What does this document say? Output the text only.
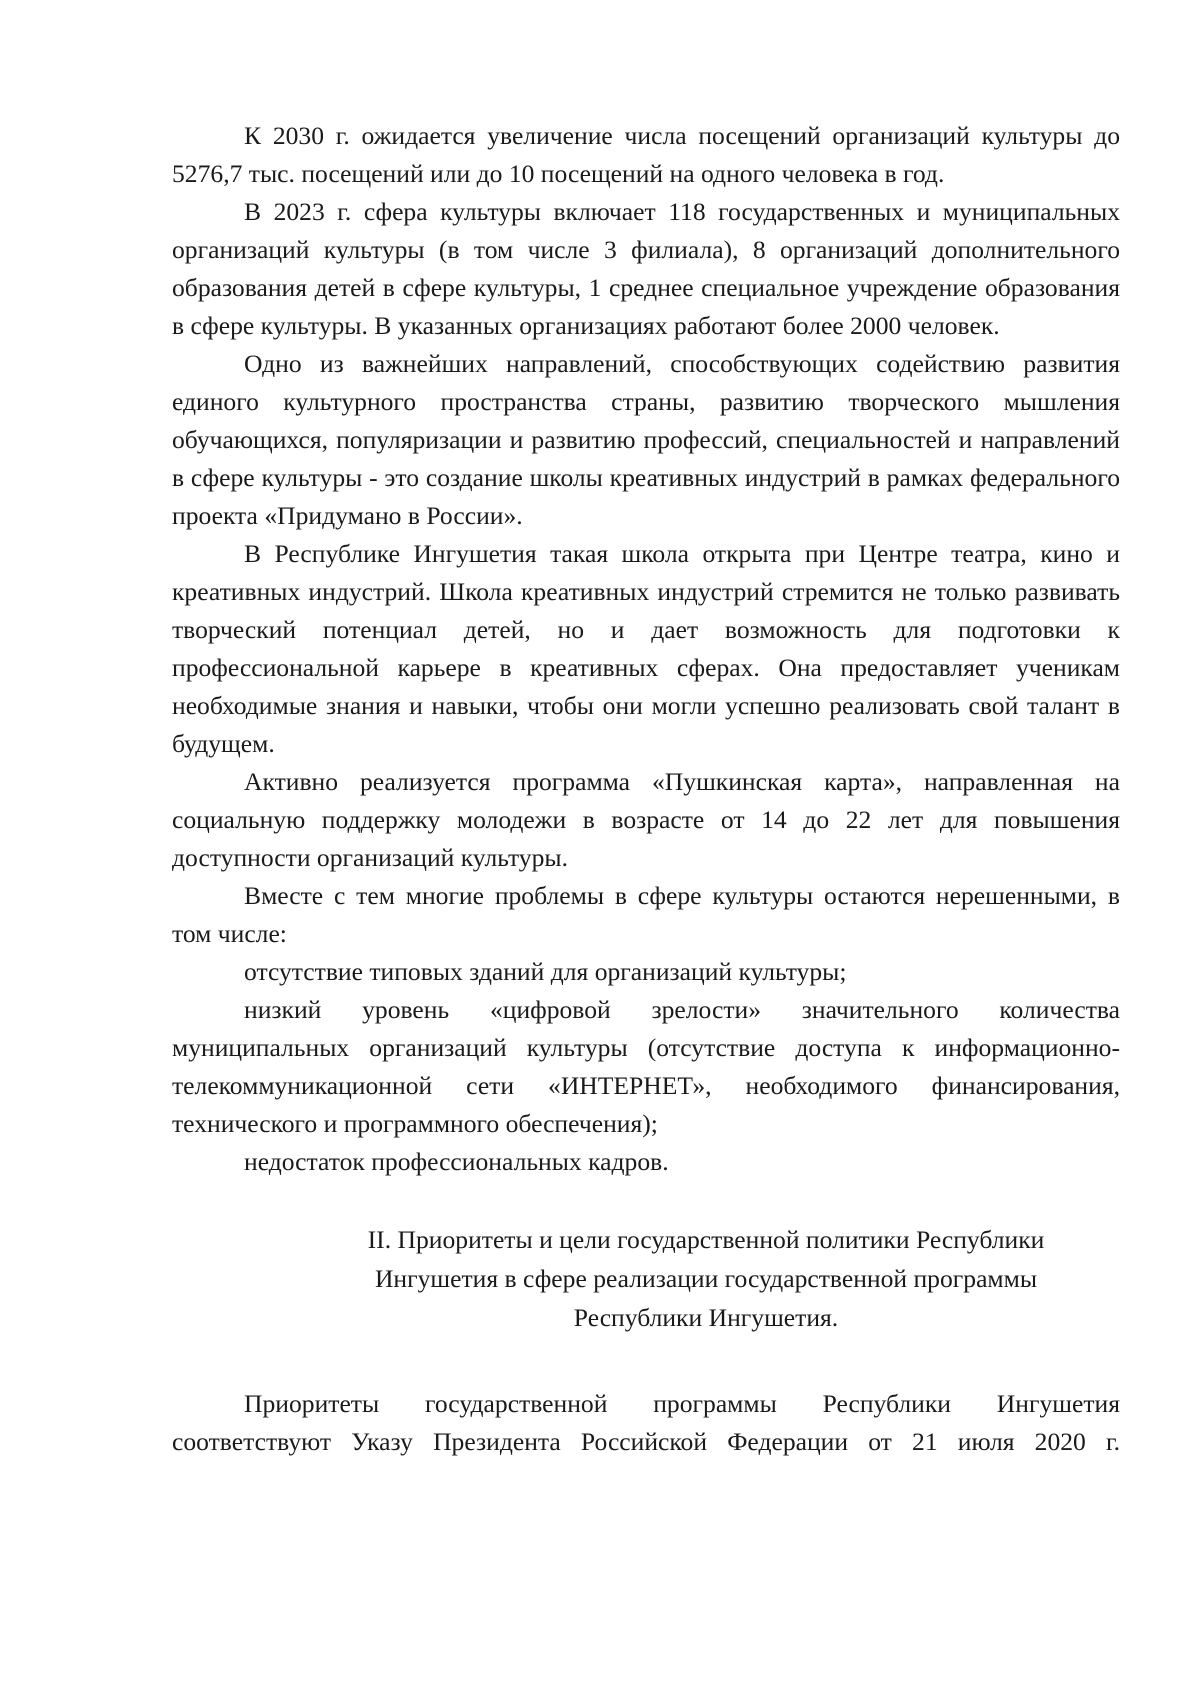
К 2030 г. ожидается увеличение числа посещений организаций культуры до 5276,7 тыс. посещений или до 10 посещений на одного человека в год.

В 2023 г. сфера культуры включает 118 государственных и муниципальных организаций культуры (в том числе 3 филиала), 8 организаций дополнительного образования детей в сфере культуры, 1 среднее специальное учреждение образования в сфере культуры. В указанных организациях работают более 2000 человек.

Одно из важнейших направлений, способствующих содействию развития единого культурного пространства страны, развитию творческого мышления обучающихся, популяризации и развитию профессий, специальностей и направлений в сфере культуры - это создание школы креативных индустрий в рамках федерального проекта «Придумано в России».

В Республике Ингушетия такая школа открыта при Центре театра, кино и креативных индустрий. Школа креативных индустрий стремится не только развивать творческий потенциал детей, но и дает возможность для подготовки к профессиональной карьере в креативных сферах. Она предоставляет ученикам необходимые знания и навыки, чтобы они могли успешно реализовать свой талант в будущем.

Активно реализуется программа «Пушкинская карта», направленная на социальную поддержку молодежи в возрасте от 14 до 22 лет для повышения доступности организаций культуры.

Вместе с тем многие проблемы в сфере культуры остаются нерешенными, в том числе:

отсутствие типовых зданий для организаций культуры;

низкий уровень «цифровой зрелости» значительного количества муниципальных организаций культуры (отсутствие доступа к информационно-телекоммуникационной сети «ИНТЕРНЕТ», необходимого финансирования, технического и программного обеспечения);

недостаток профессиональных кадров.

II. Приоритеты и цели государственной политики Республики
Ингушетия в сфере реализации государственной программы
Республики Ингушетия.

Приоритеты государственной программы Республики Ингушетия соответствуют Указу Президента Российской Федерации от 21 июля 2020 г.
